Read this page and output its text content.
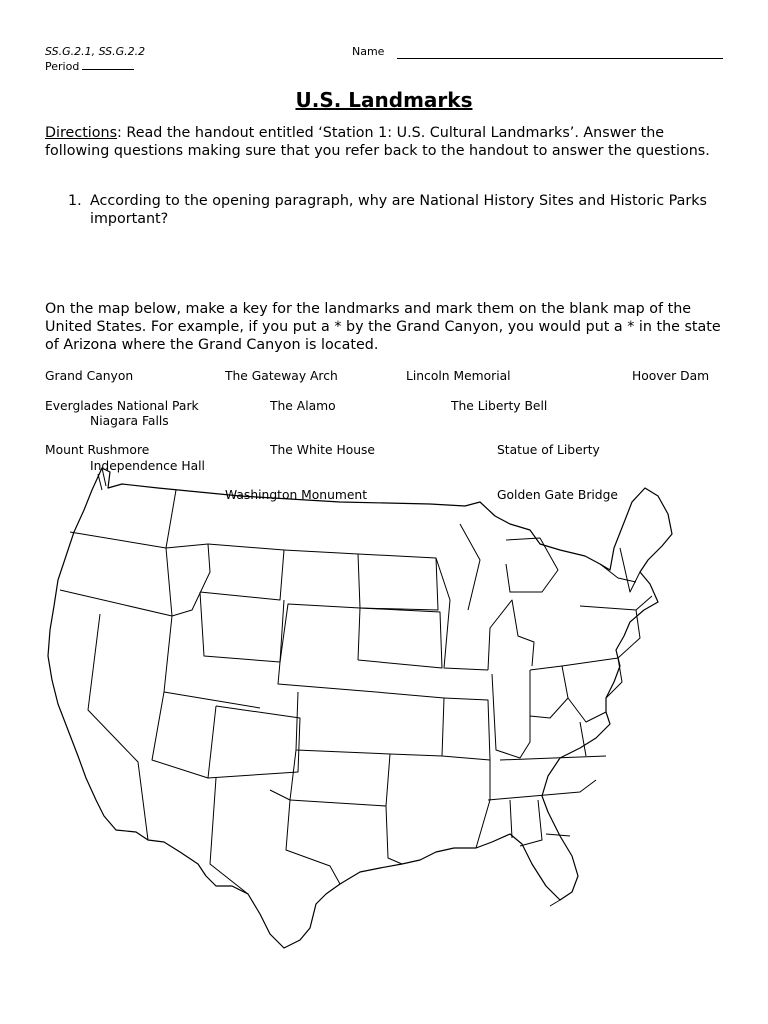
SS.G.2.1, SS.G.2.2
Period
Name
U.S. Landmarks
Directions: Read the handout entitled ‘Station 1: U.S. Cultural Landmarks’. Answer the following questions making sure that you refer back to the handout to answer the questions.
1. According to the opening paragraph, why are National History Sites and Historic Parks important?
On the map below, make a key for the landmarks and mark them on the blank map of the United States. For example, if you put a * by the Grand Canyon, you would put a * in the state of Arizona where the Grand Canyon is located.
Grand Canyon	The Gateway Arch	Lincoln Memorial	Hoover Dam
Everglades National Park	The Alamo	The Liberty Bell
Niagara Falls
Mount Rushmore	The White House	Statue of Liberty
Independence Hall
Washington Monument	Golden Gate Bridge
